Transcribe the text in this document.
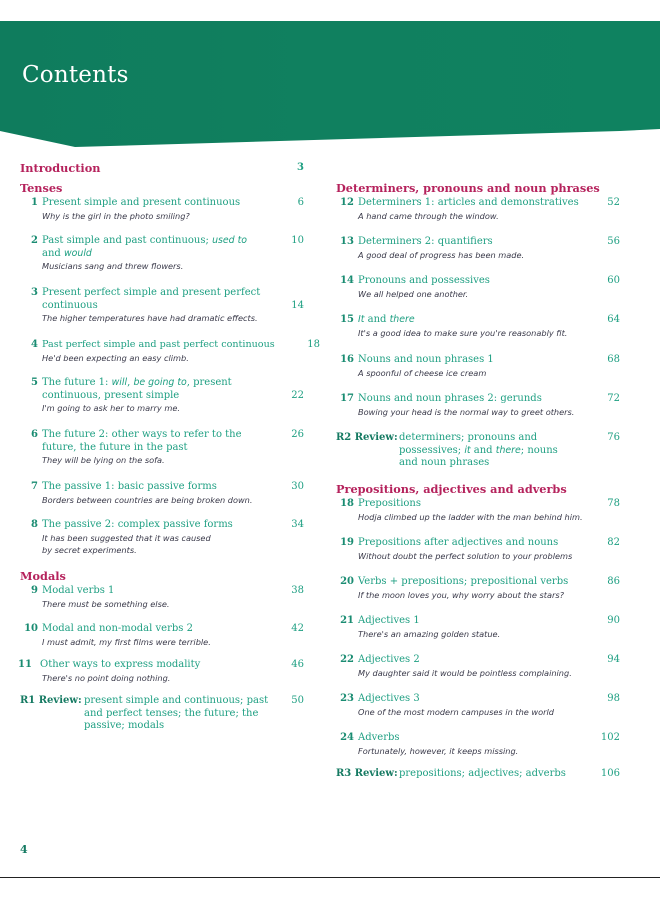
Contents
Introduction	3
Tenses
1 Present simple and present continuous
Why is the girl in the photo smiling?
6
2 Past simple and past continuous; used to
and would
Musicians sang and threw flowers.
10
3 Present perfect simple and present perfect continuous
The higher temperatures have had dramatic effects.
14
4 Past perfect simple and past perfect continuous
He'd been expecting an easy climb.
18
5 The future 1: will, be going to, present continuous, present simple
I'm going to ask her to marry me.
22
6 The future 2: other ways to refer to the future, the future in the past
They will be lying on the sofa.
26
7 The passive 1: basic passive forms
Borders between countries are being broken down.
30
8 The passive 2: complex passive forms
It has been suggested that it was caused by secret experiments.
34
Modals
9 Modal verbs 1
There must be something else.
38
10 Modal and non-modal verbs 2
I must admit, my first films were terrible.
42
11 Other ways to express modality
There's no point doing nothing.
46
R1 Review: present simple and continuous; past and perfect tenses; the future; the passive; modals
50
Determiners, pronouns and noun phrases
12 Determiners 1: articles and demonstratives
A hand came through the window.
52
13 Determiners 2: quantifiers
A good deal of progress has been made.
56
14 Pronouns and possessives
We all helped one another.
60
15 It and there
It's a good idea to make sure you're reasonably fit.
64
16 Nouns and noun phrases 1
A spoonful of cheese ice cream
68
17 Nouns and noun phrases 2: gerunds
Bowing your head is the normal way to greet others.
72
R2 Review: determiners; pronouns and possessives; it and there; nouns and noun phrases
76
Prepositions, adjectives and adverbs
18 Prepositions
Hodja climbed up the ladder with the man behind him.
78
19 Prepositions after adjectives and nouns
Without doubt the perfect solution to your problems
82
20 Verbs + prepositions; prepositional verbs
If the moon loves you, why worry about the stars?
86
21 Adjectives 1
There's an amazing golden statue.
90
22 Adjectives 2
My daughter said it would be pointless complaining.
94
23 Adjectives 3
One of the most modern campuses in the world
98
24 Adverbs
Fortunately, however, it keeps missing.
102
R3 Review: prepositions; adjectives; adverbs	106
4
